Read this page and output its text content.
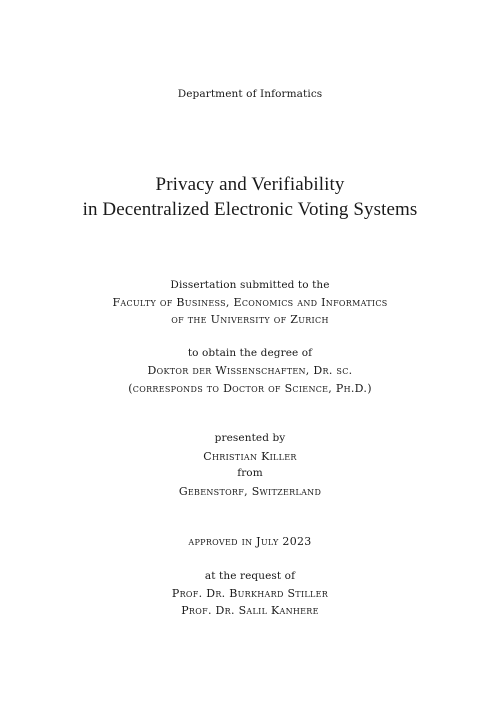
Department of Informatics
Privacy and Verifiability
in Decentralized Electronic Voting Systems
Dissertation submitted to the
Faculty of Business, Economics and Informatics
of the University of Zurich
to obtain the degree of
Doktor der Wissenschaften, Dr. sc.
(corresponds to Doctor of Science, Ph.D.)
presented by
Christian Killer
from
Gebenstorf, Switzerland
approved in July 2023
at the request of
Prof. Dr. Burkhard Stiller
Prof. Dr. Salil Kanhere
